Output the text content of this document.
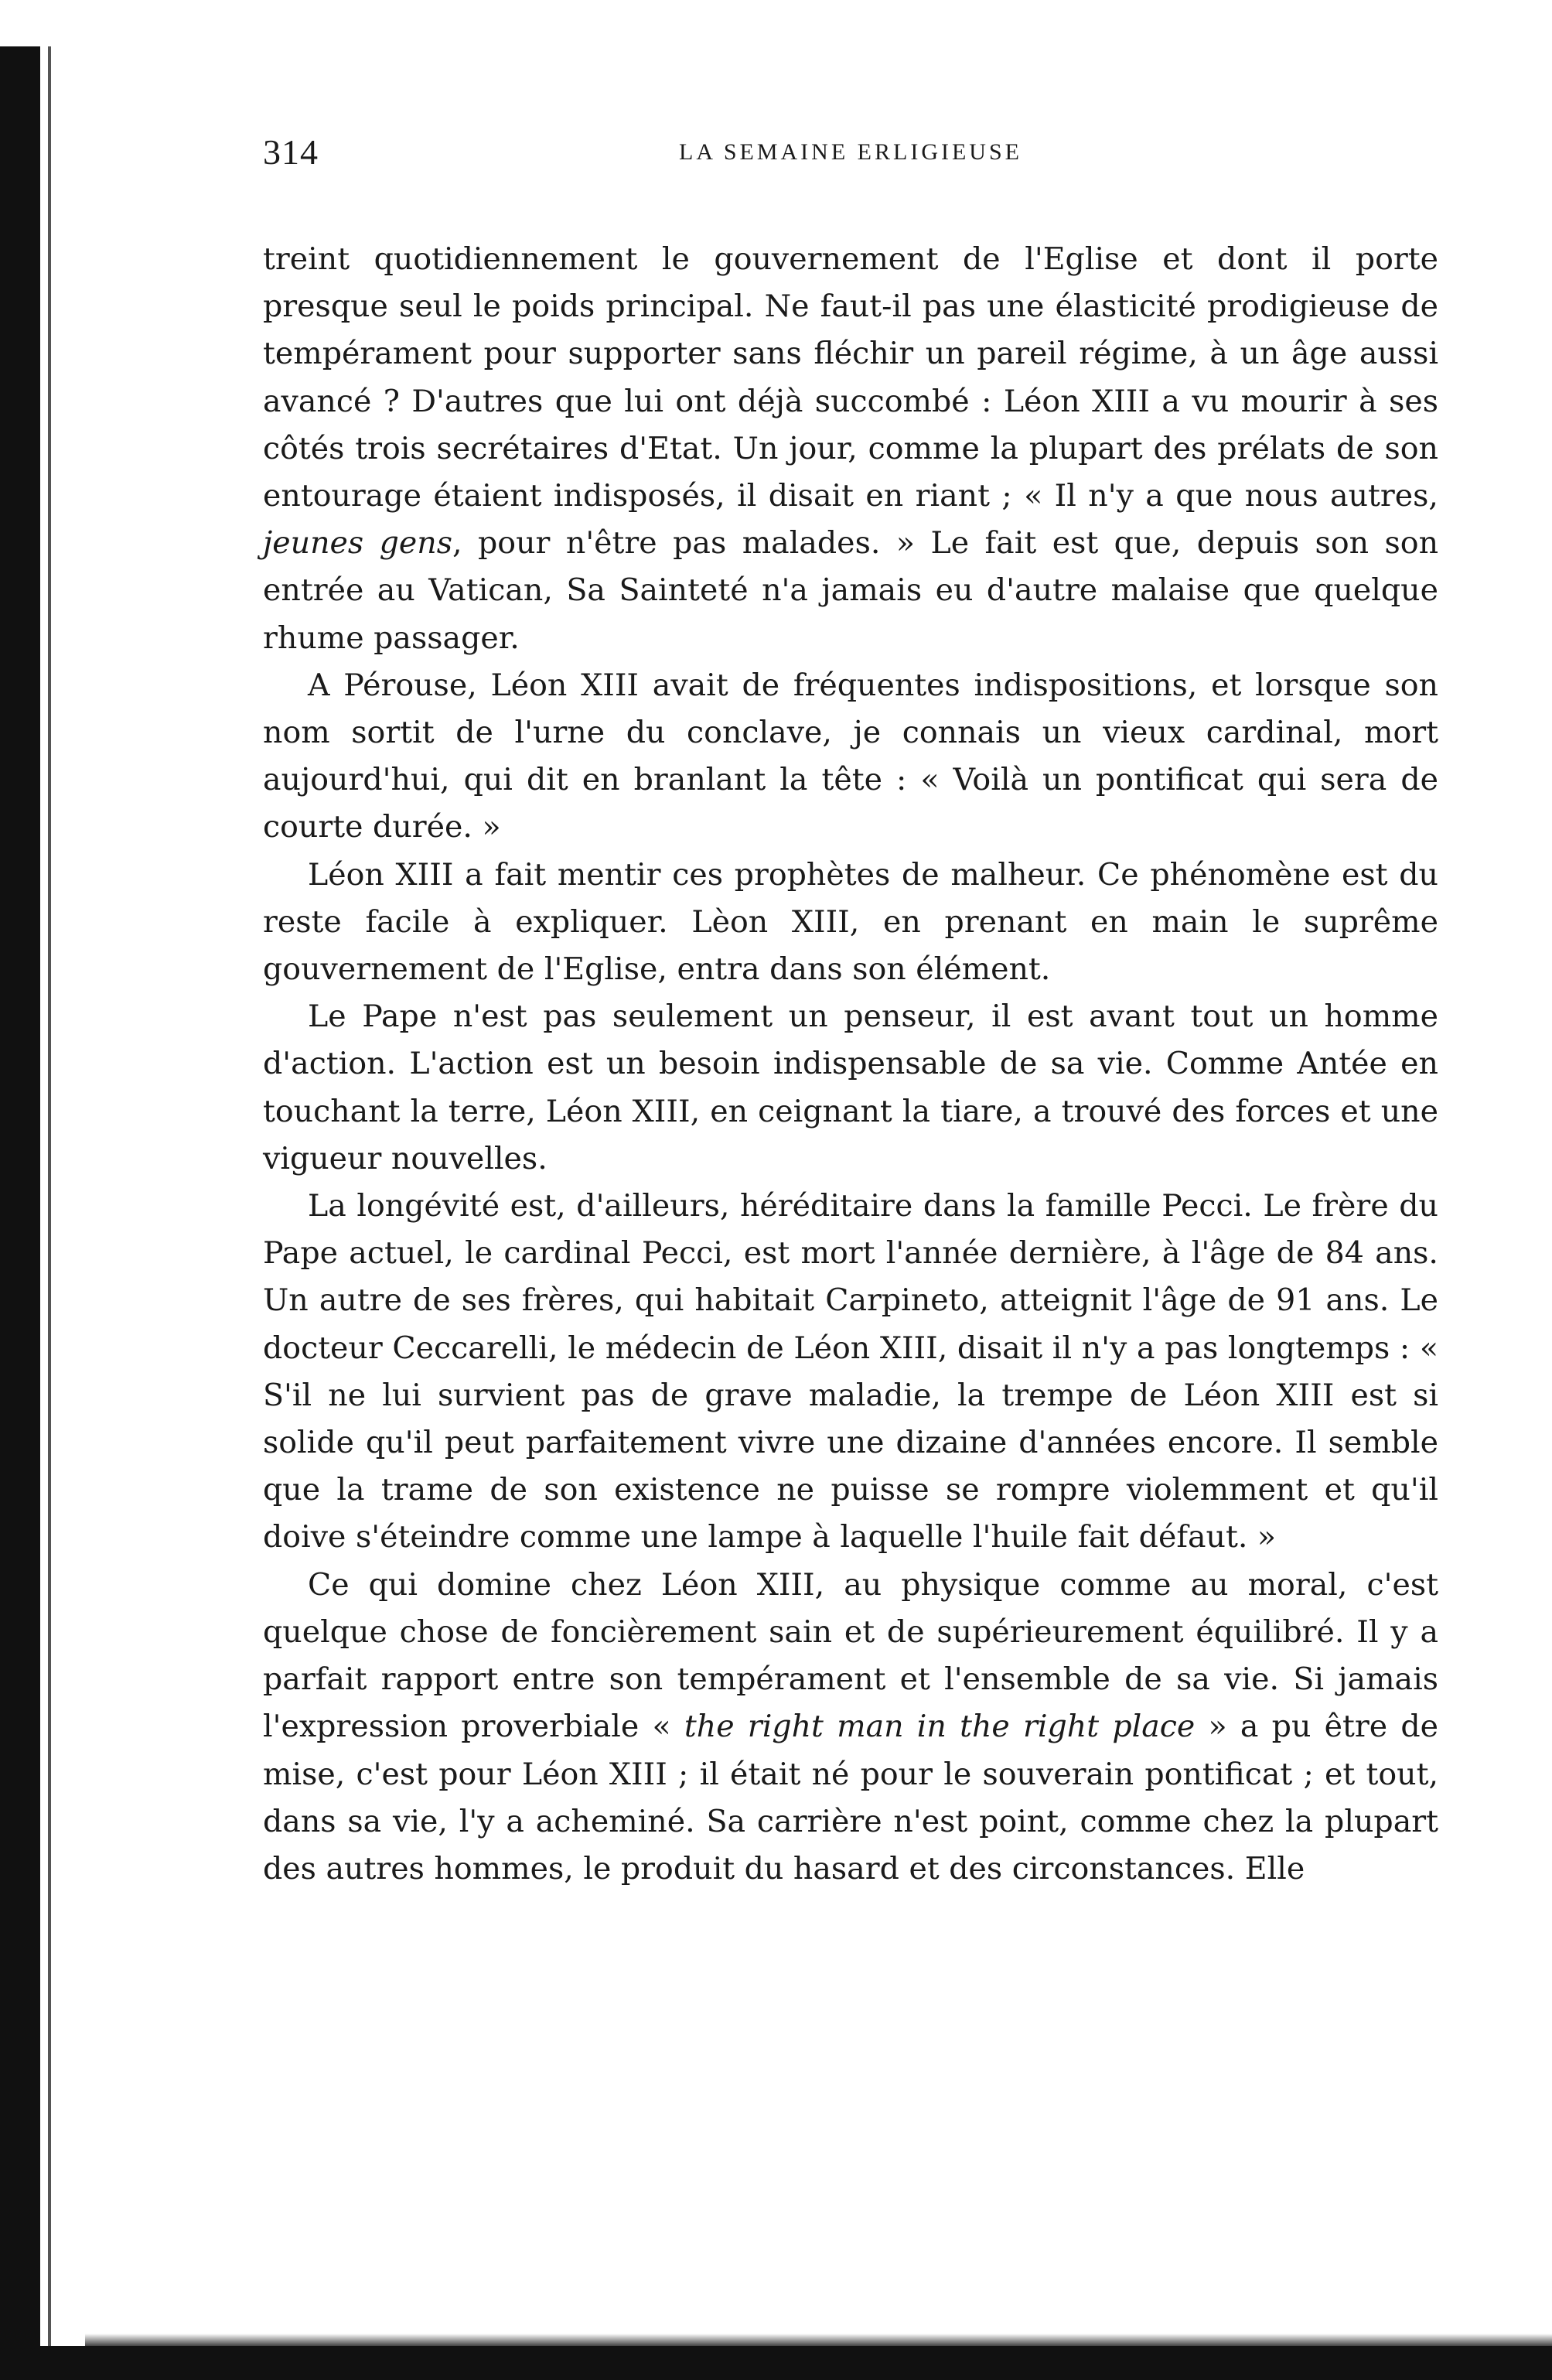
314	LA SEMAINE ERLIGIEUSE

treint quotidiennement le gouvernement de l'Eglise et dont il porte presque seul le poids principal. Ne faut-il pas une élasticité prodigieuse de tempérament pour supporter sans fléchir un pareil régime, à un âge aussi avancé ? D'autres que lui ont déjà succombé : Léon XIII a vu mourir à ses côtés trois secrétaires d'Etat. Un jour, comme la plupart des prélats de son entourage étaient indisposés, il disait en riant ; « Il n'y a que nous autres, jeunes gens, pour n'être pas malades. » Le fait est que, depuis son son entrée au Vatican, Sa Sainteté n'a jamais eu d'autre malaise que quelque rhume passager.

A Pérouse, Léon XIII avait de fréquentes indispositions, et lorsque son nom sortit de l'urne du conclave, je connais un vieux cardinal, mort aujourd'hui, qui dit en branlant la tête : « Voilà un pontificat qui sera de courte durée. »

Léon XIII a fait mentir ces prophètes de malheur. Ce phénomène est du reste facile à expliquer. Lèon XIII, en prenant en main le suprême gouvernement de l'Eglise, entra dans son élément.

Le Pape n'est pas seulement un penseur, il est avant tout un homme d'action. L'action est un besoin indispensable de sa vie. Comme Antée en touchant la terre, Léon XIII, en ceignant la tiare, a trouvé des forces et une vigueur nouvelles.

La longévité est, d'ailleurs, héréditaire dans la famille Pecci. Le frère du Pape actuel, le cardinal Pecci, est mort l'année dernière, à l'âge de 84 ans. Un autre de ses frères, qui habitait Carpineto, atteignit l'âge de 91 ans. Le docteur Ceccarelli, le médecin de Léon XIII, disait il n'y a pas longtemps : « S'il ne lui survient pas de grave maladie, la trempe de Léon XIII est si solide qu'il peut parfaitement vivre une dizaine d'années encore. Il semble que la trame de son existence ne puisse se rompre violemment et qu'il doive s'éteindre comme une lampe à laquelle l'huile fait défaut. »

Ce qui domine chez Léon XIII, au physique comme au moral, c'est quelque chose de foncièrement sain et de supérieurement équilibré. Il y a parfait rapport entre son tempérament et l'ensemble de sa vie. Si jamais l'expression proverbiale « the right man in the right place » a pu être de mise, c'est pour Léon XIII ; il était né pour le souverain pontificat ; et tout, dans sa vie, l'y a acheminé. Sa carrière n'est point, comme chez la plupart des autres hommes, le produit du hasard et des circonstances. Elle
